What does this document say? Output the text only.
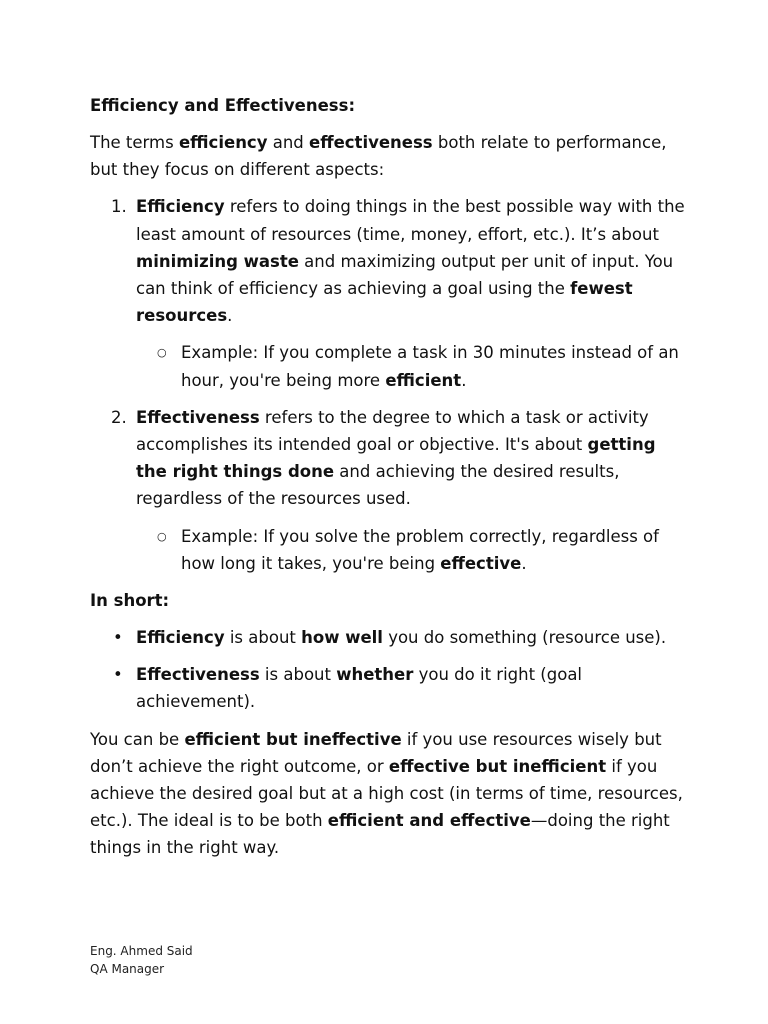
Efficiency and Effectiveness:

The terms efficiency and effectiveness both relate to performance, but they focus on different aspects:

1. Efficiency refers to doing things in the best possible way with the least amount of resources (time, money, effort, etc.). It’s about minimizing waste and maximizing output per unit of input. You can think of efficiency as achieving a goal using the fewest resources.
○ Example: If you complete a task in 30 minutes instead of an hour, you're being more efficient.
2. Effectiveness refers to the degree to which a task or activity accomplishes its intended goal or objective. It's about getting the right things done and achieving the desired results, regardless of the resources used.
○ Example: If you solve the problem correctly, regardless of how long it takes, you're being effective.
In short:
• Efficiency is about how well you do something (resource use).
• Effectiveness is about whether you do it right (goal achievement).

You can be efficient but ineffective if you use resources wisely but don’t achieve the right outcome, or effective but inefficient if you achieve the desired goal but at a high cost (in terms of time, resources, etc.). The ideal is to be both efficient and effective—doing the right things in the right way.

Eng. Ahmed Said
QA Manager
